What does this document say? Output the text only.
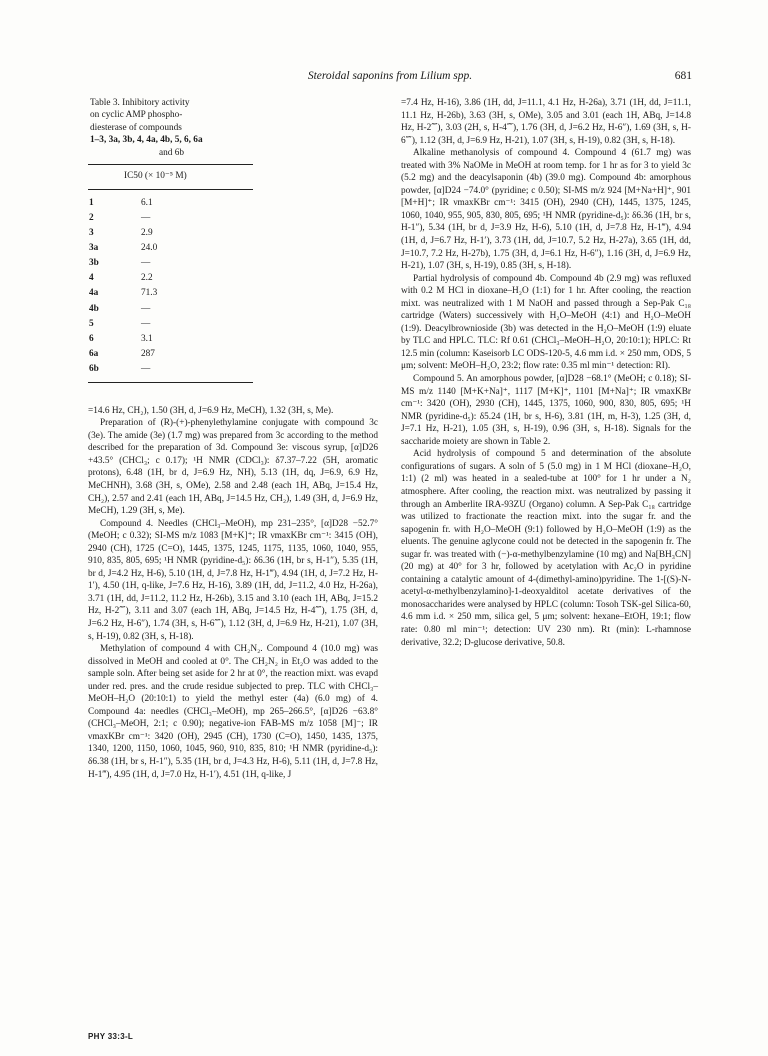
Steroidal saponins from Lilium spp.	681
Table 3. Inhibitory activity
on cyclic AMP phospho-
diesterase of compounds
1–3, 3a, 3b, 4, 4a, 4b, 5, 6, 6a

and 6b
IC50 (× 10⁻⁵ M)	
1	6.1
2	—
3	2.9
3a	24.0
3b	—
4	2.2
4a	71.3
4b	—
5	—
6	3.1
6a	287
6b	—

=14.6 Hz, CH₂), 1.50 (3H, d, J=6.9 Hz, MeCH), 1.32 (3H, s, Me).

Preparation of (R)-(+)-phenylethylamine conjugate with compound 3c (3e). The amide (3e) (1.7 mg) was prepared from 3c according to the method described for the preparation of 3d. Compound 3e: viscous syrup, [α]D26 +43.5° (CHCl₃; c 0.17); ¹H NMR (CDCl₃): δ7.37–7.22 (5H, aromatic protons), 6.48 (1H, br d, J=6.9 Hz, NH), 5.13 (1H, dq, J=6.9, 6.9 Hz, MeCHNH), 3.68 (3H, s, OMe), 2.58 and 2.48 (each 1H, ABq, J=15.4 Hz, CH₂), 2.57 and 2.41 (each 1H, ABq, J=14.5 Hz, CH₂), 1.49 (3H, d, J=6.9 Hz, MeCH), 1.29 (3H, s, Me).

Compound 4. Needles (CHCl₃–MeOH), mp 231–235°, [α]D28 −52.7° (MeOH; c 0.32); SI-MS m/z 1083 [M+K]⁺; IR νmaxKBr cm⁻¹: 3415 (OH), 2940 (CH), 1725 (C=O), 1445, 1375, 1245, 1175, 1135, 1060, 1040, 955, 910, 835, 805, 695; ¹H NMR (pyridine-d₅): δ6.36 (1H, br s, H-1″), 5.35 (1H, br d, J=4.2 Hz, H-6), 5.10 (1H, d, J=7.8 Hz, H-1‴), 4.94 (1H, d, J=7.2 Hz, H-1′), 4.50 (1H, q-like, J=7.6 Hz, H-16), 3.89 (1H, dd, J=11.2, 4.0 Hz, H-26a), 3.71 (1H, dd, J=11.2, 11.2 Hz, H-26b), 3.15 and 3.10 (each 1H, ABq, J=15.2 Hz, H-2⁗), 3.11 and 3.07 (each 1H, ABq, J=14.5 Hz, H-4⁗), 1.75 (3H, d, J=6.2 Hz, H-6″), 1.74 (3H, s, H-6⁗), 1.12 (3H, d, J=6.9 Hz, H-21), 1.07 (3H, s, H-19), 0.82 (3H, s, H-18).

Methylation of compound 4 with CH₂N₂. Compound 4 (10.0 mg) was dissolved in MeOH and cooled at 0°. The CH₂N₂ in Et₂O was added to the sample soln. After being set aside for 2 hr at 0°, the reaction mixt. was evapd under red. pres. and the crude residue subjected to prep. TLC with CHCl₃–MeOH–H₂O (20:10:1) to yield the methyl ester (4a) (6.0 mg) of 4. Compound 4a: needles (CHCl₃–MeOH), mp 265–266.5°, [α]D26 −63.8° (CHCl₃–MeOH, 2:1; c 0.90); negative-ion FAB-MS m/z 1058 [M]⁻; IR νmaxKBr cm⁻¹: 3420 (OH), 2945 (CH), 1730 (C=O), 1450, 1435, 1375, 1340, 1200, 1150, 1060, 1045, 960, 910, 835, 810; ¹H NMR (pyridine-d₅): δ6.38 (1H, br s, H-1″), 5.35 (1H, br d, J=4.3 Hz, H-6), 5.11 (1H, d, J=7.8 Hz, H-1‴), 4.95 (1H, d, J=7.0 Hz, H-1′), 4.51 (1H, q-like, J

=7.4 Hz, H-16), 3.86 (1H, dd, J=11.1, 4.1 Hz, H-26a), 3.71 (1H, dd, J=11.1, 11.1 Hz, H-26b), 3.63 (3H, s, OMe), 3.05 and 3.01 (each 1H, ABq, J=14.8 Hz, H-2⁗), 3.03 (2H, s, H-4⁗), 1.76 (3H, d, J=6.2 Hz, H-6″), 1.69 (3H, s, H-6⁗), 1.12 (3H, d, J=6.9 Hz, H-21), 1.07 (3H, s, H-19), 0.82 (3H, s, H-18).

Alkaline methanolysis of compound 4. Compound 4 (61.7 mg) was treated with 3% NaOMe in MeOH at room temp. for 1 hr as for 3 to yield 3c (5.2 mg) and the deacylsaponin (4b) (39.0 mg). Compound 4b: amorphous powder, [α]D24 −74.0° (pyridine; c 0.50); SI-MS m/z 924 [M+Na+H]⁺, 901 [M+H]⁺; IR νmaxKBr cm⁻¹: 3415 (OH), 2940 (CH), 1445, 1375, 1245, 1060, 1040, 955, 905, 830, 805, 695; ¹H NMR (pyridine-d₅): δ6.36 (1H, br s, H-1″), 5.34 (1H, br d, J=3.9 Hz, H-6), 5.10 (1H, d, J=7.8 Hz, H-1‴), 4.94 (1H, d, J=6.7 Hz, H-1′), 3.73 (1H, dd, J=10.7, 5.2 Hz, H-27a), 3.65 (1H, dd, J=10.7, 7.2 Hz, H-27b), 1.75 (3H, d, J=6.1 Hz, H-6″), 1.16 (3H, d, J=6.9 Hz, H-21), 1.07 (3H, s, H-19), 0.85 (3H, s, H-18).

Partial hydrolysis of compound 4b. Compound 4b (2.9 mg) was refluxed with 0.2 M HCl in dioxane–H₂O (1:1) for 1 hr. After cooling, the reaction mixt. was neutralized with 1 M NaOH and passed through a Sep-Pak C₁₈ cartridge (Waters) successively with H₂O–MeOH (4:1) and H₂O–MeOH (1:9). Deacylbrownioside (3b) was detected in the H₂O–MeOH (1:9) eluate by TLC and HPLC. TLC: Rf 0.61 (CHCl₃–MeOH–H₂O, 20:10:1); HPLC: Rt 12.5 min (column: Kaseisorb LC ODS-120-5, 4.6 mm i.d. × 250 mm, ODS, 5 μm; solvent: MeOH–H₂O, 23:2; flow rate: 0.35 ml min⁻¹ detection: RI).

Compound 5. An amorphous powder, [α]D28 −68.1° (MeOH; c 0.18); SI-MS m/z 1140 [M+K+Na]⁺, 1117 [M+K]⁺, 1101 [M+Na]⁺; IR νmaxKBr cm⁻¹: 3420 (OH), 2930 (CH), 1445, 1375, 1060, 900, 830, 805, 695; ¹H NMR (pyridine-d₅): δ5.24 (1H, br s, H-6), 3.81 (1H, m, H-3), 1.25 (3H, d, J=7.1 Hz, H-21), 1.05 (3H, s, H-19), 0.96 (3H, s, H-18). Signals for the saccharide moiety are shown in Table 2.

Acid hydrolysis of compound 5 and determination of the absolute configurations of sugars. A soln of 5 (5.0 mg) in 1 M HCl (dioxane–H₂O, 1:1) (2 ml) was heated in a sealed-tube at 100° for 1 hr under a N₂ atmosphere. After cooling, the reaction mixt. was neutralized by passing it through an Amberlite IRA-93ZU (Organo) column. A Sep-Pak C₁₈ cartridge was utilized to fractionate the reaction mixt. into the sugar fr. and the sapogenin fr. with H₂O–MeOH (9:1) followed by H₂O–MeOH (1:9) as the eluents. The genuine aglycone could not be detected in the sapogenin fr. The sugar fr. was treated with (−)-α-methylbenzylamine (10 mg) and Na[BH₃CN] (20 mg) at 40° for 3 hr, followed by acetylation with Ac₂O in pyridine containing a catalytic amount of 4-(dimethyl-amino)pyridine. The 1-[(S)-N-acetyl-α-methylbenzylamino]-1-deoxyalditol acetate derivatives of the monosaccharides were analysed by HPLC (column: Tosoh TSK-gel Silica-60, 4.6 mm i.d. × 250 mm, silica gel, 5 μm; solvent: hexane–EtOH, 19:1; flow rate: 0.80 ml min⁻¹; detection: UV 230 nm). Rt (min): L-rhamnose derivative, 32.2; D-glucose derivative, 50.8.

PHY 33:3-L
